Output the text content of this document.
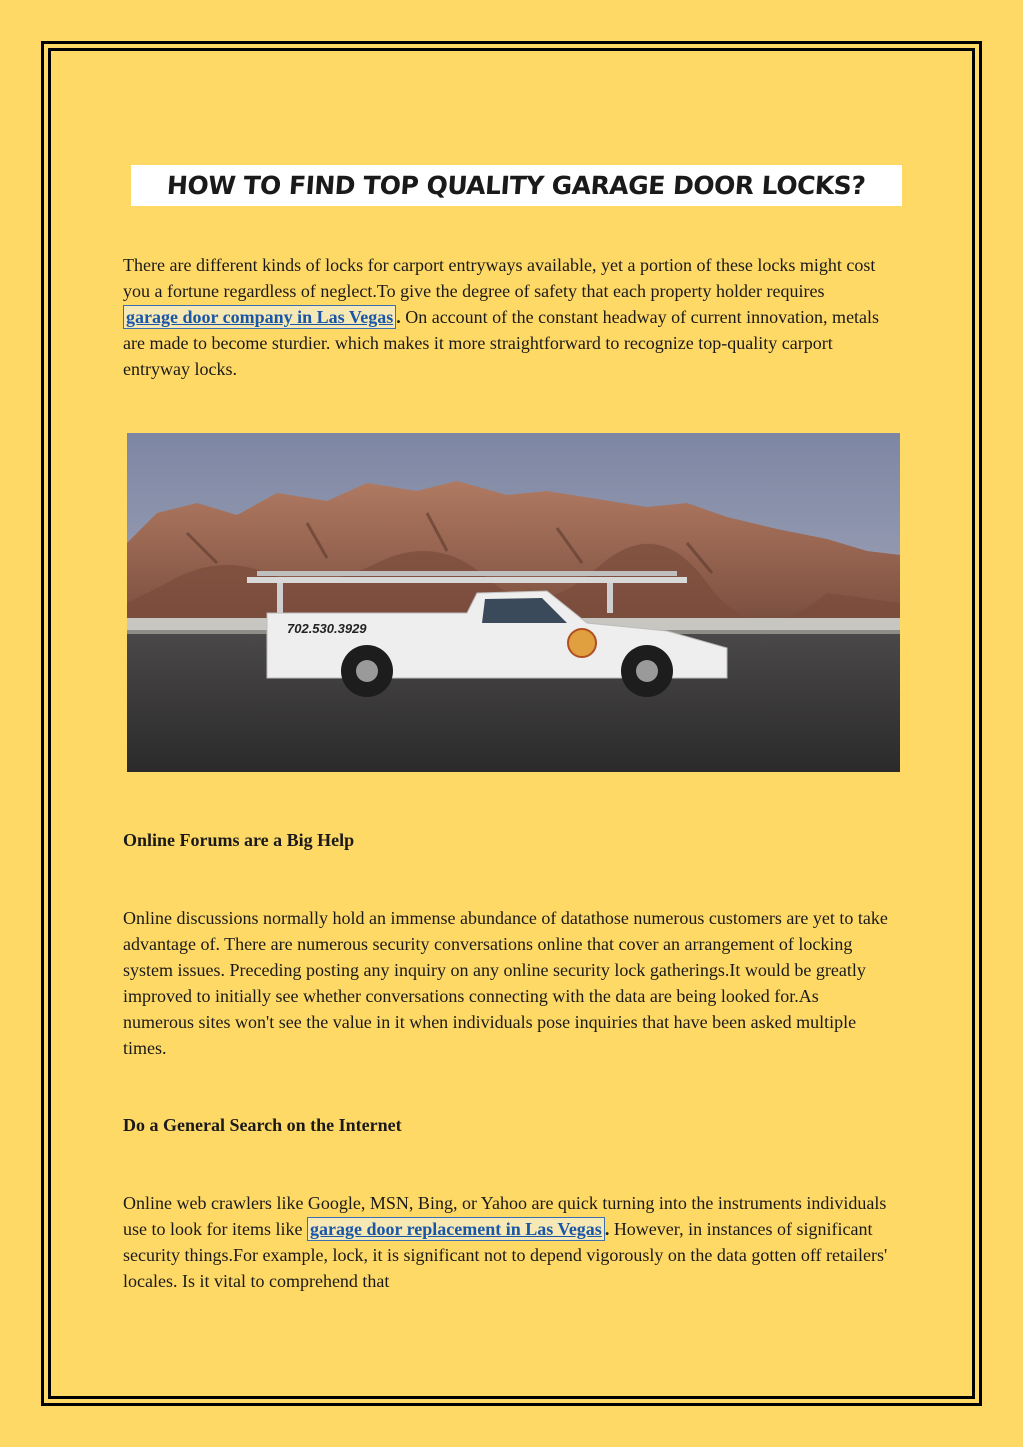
HOW TO FIND TOP QUALITY GARAGE DOOR LOCKS?

There are different kinds of locks for carport entryways available, yet a portion of these locks might cost you a fortune regardless of neglect.To give the degree of safety that each property holder requires garage door company in Las Vegas . On account of the constant headway of current innovation, metals are made to become sturdier. which makes it more straightforward to recognize top-quality carport entryway locks.

702.530.3929

Online Forums are a Big Help

Online discussions normally hold an immense abundance of datathose numerous customers are yet to take advantage of. There are numerous security conversations online that cover an arrangement of locking system issues. Preceding posting any inquiry on any online security lock gatherings.It would be greatly improved to initially see whether conversations connecting with the data are being looked for.As numerous sites won't see the value in it when individuals pose inquiries that have been asked multiple times.

Do a General Search on the Internet

Online web crawlers like Google, MSN, Bing, or Yahoo are quick turning into the instruments individuals use to look for items like garage door replacement in Las Vegas . However, in instances of significant security things.For example, lock, it is significant not to depend vigorously on the data gotten off retailers' locales. Is it vital to comprehend that
